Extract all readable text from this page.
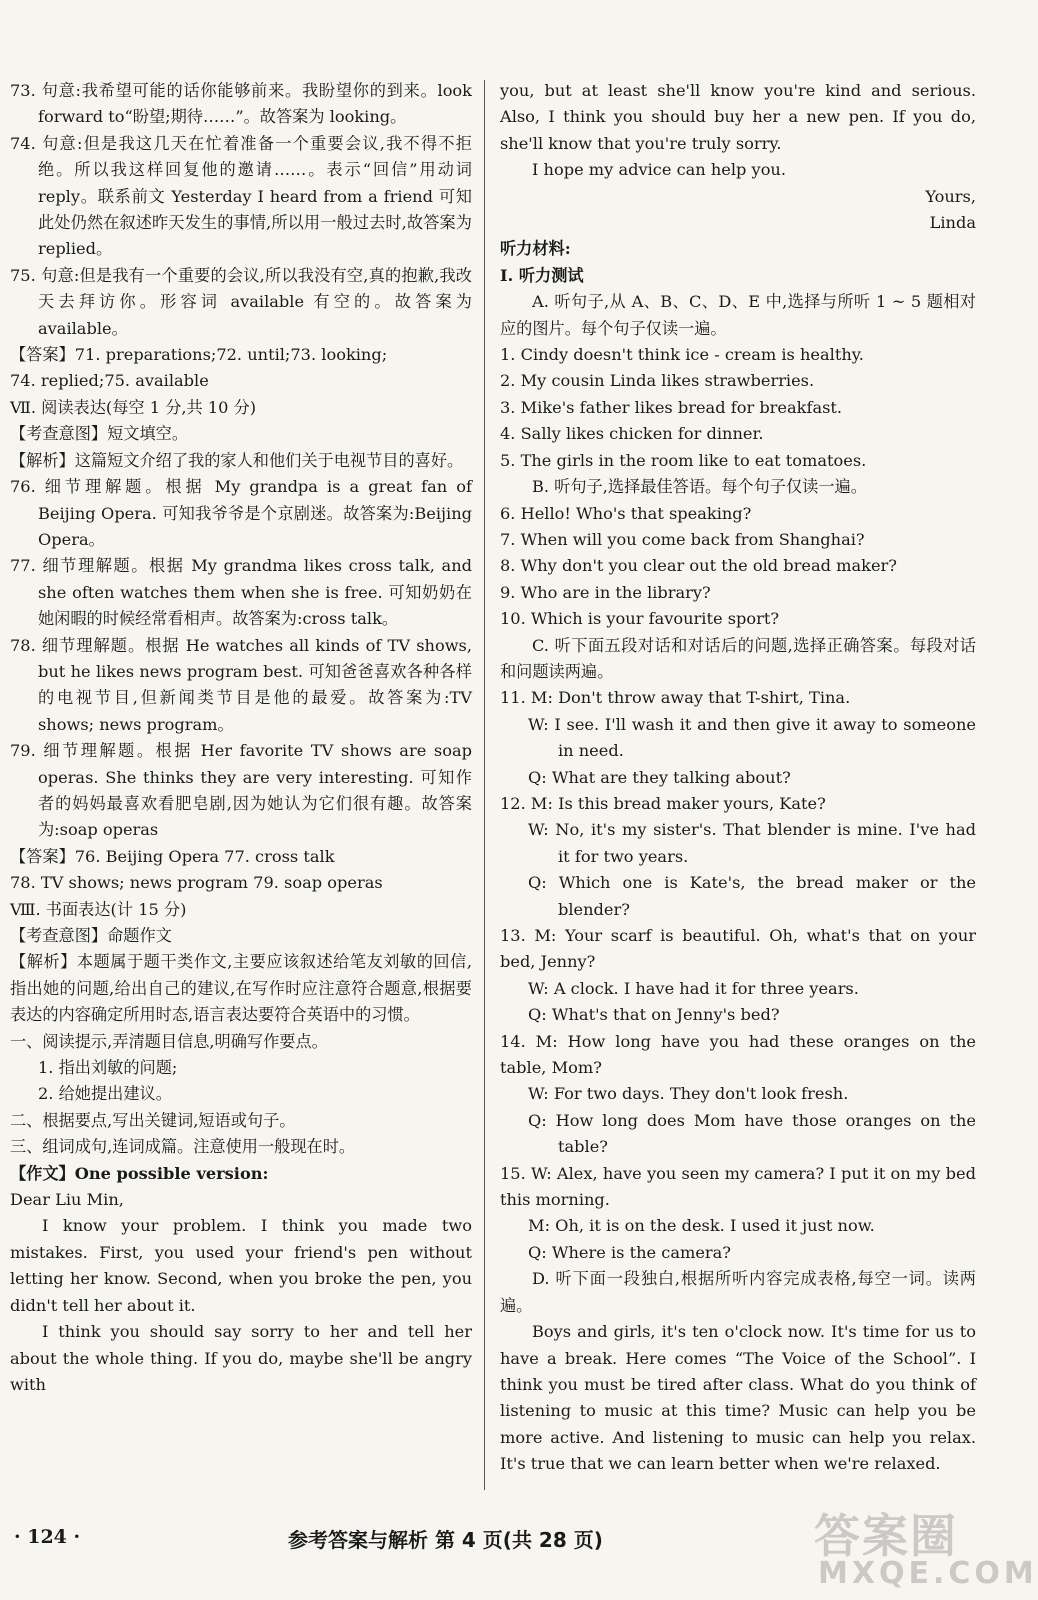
73. 句意:我希望可能的话你能够前来。我盼望你的到来。look forward to“盼望;期待……”。故答案为 looking。

74. 句意:但是我这几天在忙着准备一个重要会议,我不得不拒绝。所以我这样回复他的邀请……。表示“回信”用动词 reply。联系前文 Yesterday I heard from a friend 可知此处仍然在叙述昨天发生的事情,所以用一般过去时,故答案为 replied。

75. 句意:但是我有一个重要的会议,所以我没有空,真的抱歉,我改天去拜访你。形容词 available 有空的。故答案为 available。

【答案】71. preparations;72. until;73. looking;

74. replied;75. available

Ⅶ. 阅读表达(每空 1 分,共 10 分)

【考查意图】短文填空。

【解析】这篇短文介绍了我的家人和他们关于电视节目的喜好。

76. 细节理解题。根据 My grandpa is a great fan of Beijing Opera. 可知我爷爷是个京剧迷。故答案为:Beijing Opera。

77. 细节理解题。根据 My grandma likes cross talk, and she often watches them when she is free. 可知奶奶在她闲暇的时候经常看相声。故答案为:cross talk。

78. 细节理解题。根据 He watches all kinds of TV shows, but he likes news program best. 可知爸爸喜欢各种各样的电视节目,但新闻类节目是他的最爱。故答案为:TV shows; news program。

79. 细节理解题。根据 Her favorite TV shows are soap operas. She thinks they are very interesting. 可知作者的妈妈最喜欢看肥皂剧,因为她认为它们很有趣。故答案为:soap operas

【答案】76. Beijing Opera 77. cross talk

78. TV shows; news program 79. soap operas

Ⅷ. 书面表达(计 15 分)

【考查意图】命题作文

【解析】本题属于题干类作文,主要应该叙述给笔友刘敏的回信,指出她的问题,给出自己的建议,在写作时应注意符合题意,根据要表达的内容确定所用时态,语言表达要符合英语中的习惯。

一、阅读提示,弄清题目信息,明确写作要点。

1. 指出刘敏的问题;

2. 给她提出建议。

二、根据要点,写出关键词,短语或句子。

三、组词成句,连词成篇。注意使用一般现在时。

【作文】One possible version:

Dear Liu Min,

I know your problem. I think you made two mistakes. First, you used your friend's pen without letting her know. Second, when you broke the pen, you didn't tell her about it.

I think you should say sorry to her and tell her about the whole thing. If you do, maybe she'll be angry with

you, but at least she'll know you're kind and serious. Also, I think you should buy her a new pen. If you do, she'll know that you're truly sorry.

I hope my advice can help you.

Yours,

Linda

听力材料:

Ⅰ. 听力测试

A. 听句子,从 A、B、C、D、E 中,选择与所听 1 ~ 5 题相对应的图片。每个句子仅读一遍。

1. Cindy doesn't think ice - cream is healthy.

2. My cousin Linda likes strawberries.

3. Mike's father likes bread for breakfast.

4. Sally likes chicken for dinner.

5. The girls in the room like to eat tomatoes.

B. 听句子,选择最佳答语。每个句子仅读一遍。

6. Hello! Who's that speaking?

7. When will you come back from Shanghai?

8. Why don't you clear out the old bread maker?

9. Who are in the library?

10. Which is your favourite sport?

C. 听下面五段对话和对话后的问题,选择正确答案。每段对话和问题读两遍。

11. M: Don't throw away that T-shirt, Tina.

W: I see. I'll wash it and then give it away to someone in need.

Q: What are they talking about?

12. M: Is this bread maker yours, Kate?

W: No, it's my sister's. That blender is mine. I've had it for two years.

Q: Which one is Kate's, the bread maker or the blender?

13. M: Your scarf is beautiful. Oh, what's that on your bed, Jenny?

W: A clock. I have had it for three years.

Q: What's that on Jenny's bed?

14. M: How long have you had these oranges on the table, Mom?

W: For two days. They don't look fresh.

Q: How long does Mom have those oranges on the table?

15. W: Alex, have you seen my camera? I put it on my bed this morning.

M: Oh, it is on the desk. I used it just now.

Q: Where is the camera?

D. 听下面一段独白,根据所听内容完成表格,每空一词。读两遍。

Boys and girls, it's ten o'clock now. It's time for us to have a break. Here comes “The Voice of the School”. I think you must be tired after class. What do you think of listening to music at this time? Music can help you be more active. And listening to music can help you relax. It's true that we can learn better when we're relaxed.

· 124 ·	参考答案与解析 第 4 页(共 28 页)	答案圈
MXQE.COM
